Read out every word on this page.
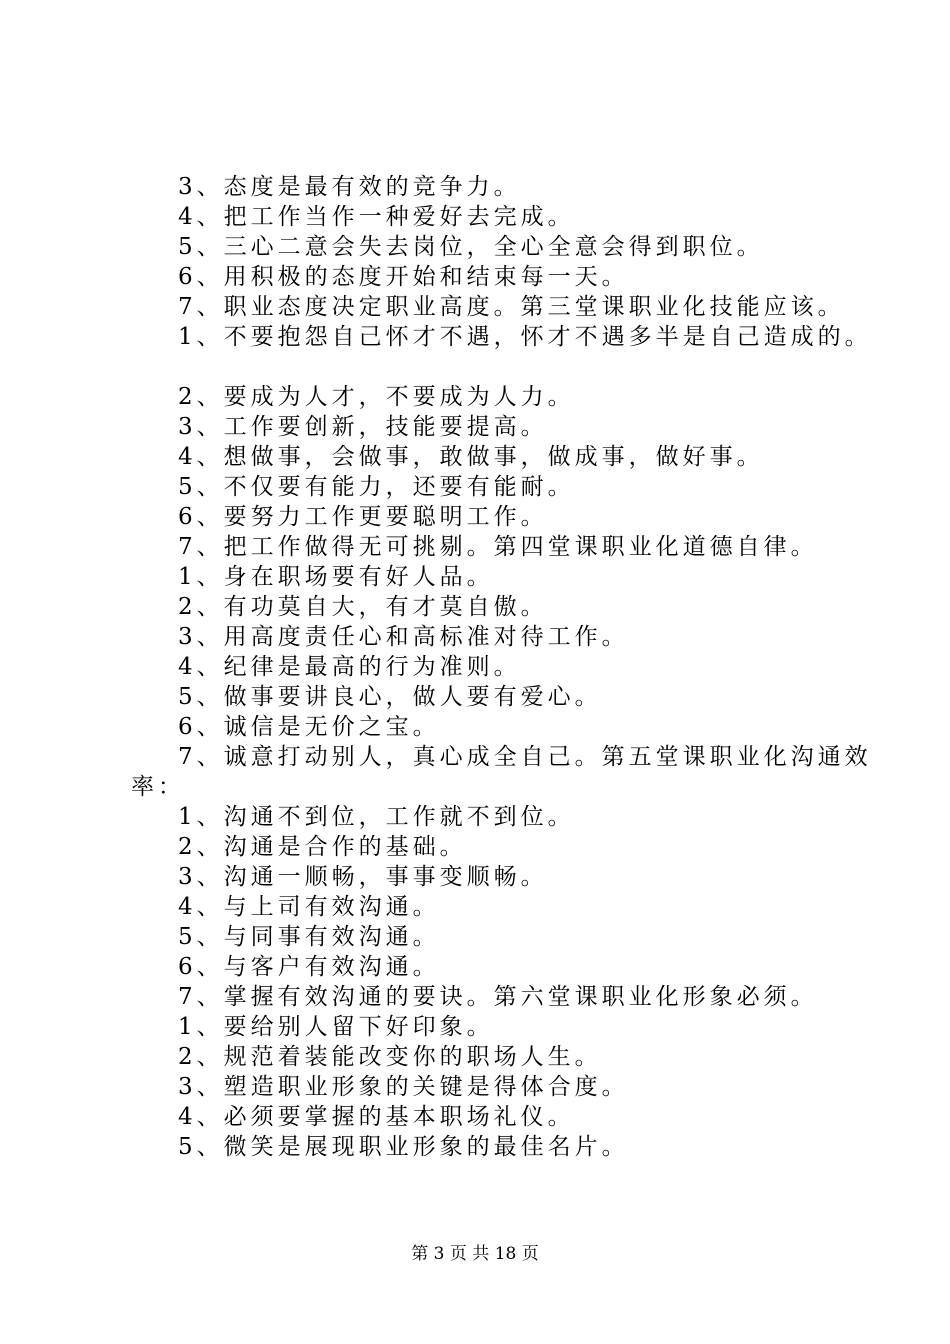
3、态度是最有效的竞争力。
4、把工作当作一种爱好去完成。
5、三心二意会失去岗位，全心全意会得到职位。
6、用积极的态度开始和结束每一天。
7、职业态度决定职业高度。第三堂课职业化技能应该。
1、不要抱怨自己怀才不遇，怀才不遇多半是自己造成的。
2、要成为人才，不要成为人力。
3、工作要创新，技能要提高。
4、想做事，会做事，敢做事，做成事，做好事。
5、不仅要有能力，还要有能耐。
6、要努力工作更要聪明工作。
7、把工作做得无可挑剔。第四堂课职业化道德自律。
1、身在职场要有好人品。
2、有功莫自大，有才莫自傲。
3、用高度责任心和高标准对待工作。
4、纪律是最高的行为准则。
5、做事要讲良心，做人要有爱心。
6、诚信是无价之宝。
7、诚意打动别人，真心成全自己。第五堂课职业化沟通效
率：
1、沟通不到位，工作就不到位。
2、沟通是合作的基础。
3、沟通一顺畅，事事变顺畅。
4、与上司有效沟通。
5、与同事有效沟通。
6、与客户有效沟通。
7、掌握有效沟通的要诀。第六堂课职业化形象必须。
1、要给别人留下好印象。
2、规范着装能改变你的职场人生。
3、塑造职业形象的关键是得体合度。
4、必须要掌握的基本职场礼仪。
5、微笑是展现职业形象的最佳名片。
第 3 页 共 18 页
